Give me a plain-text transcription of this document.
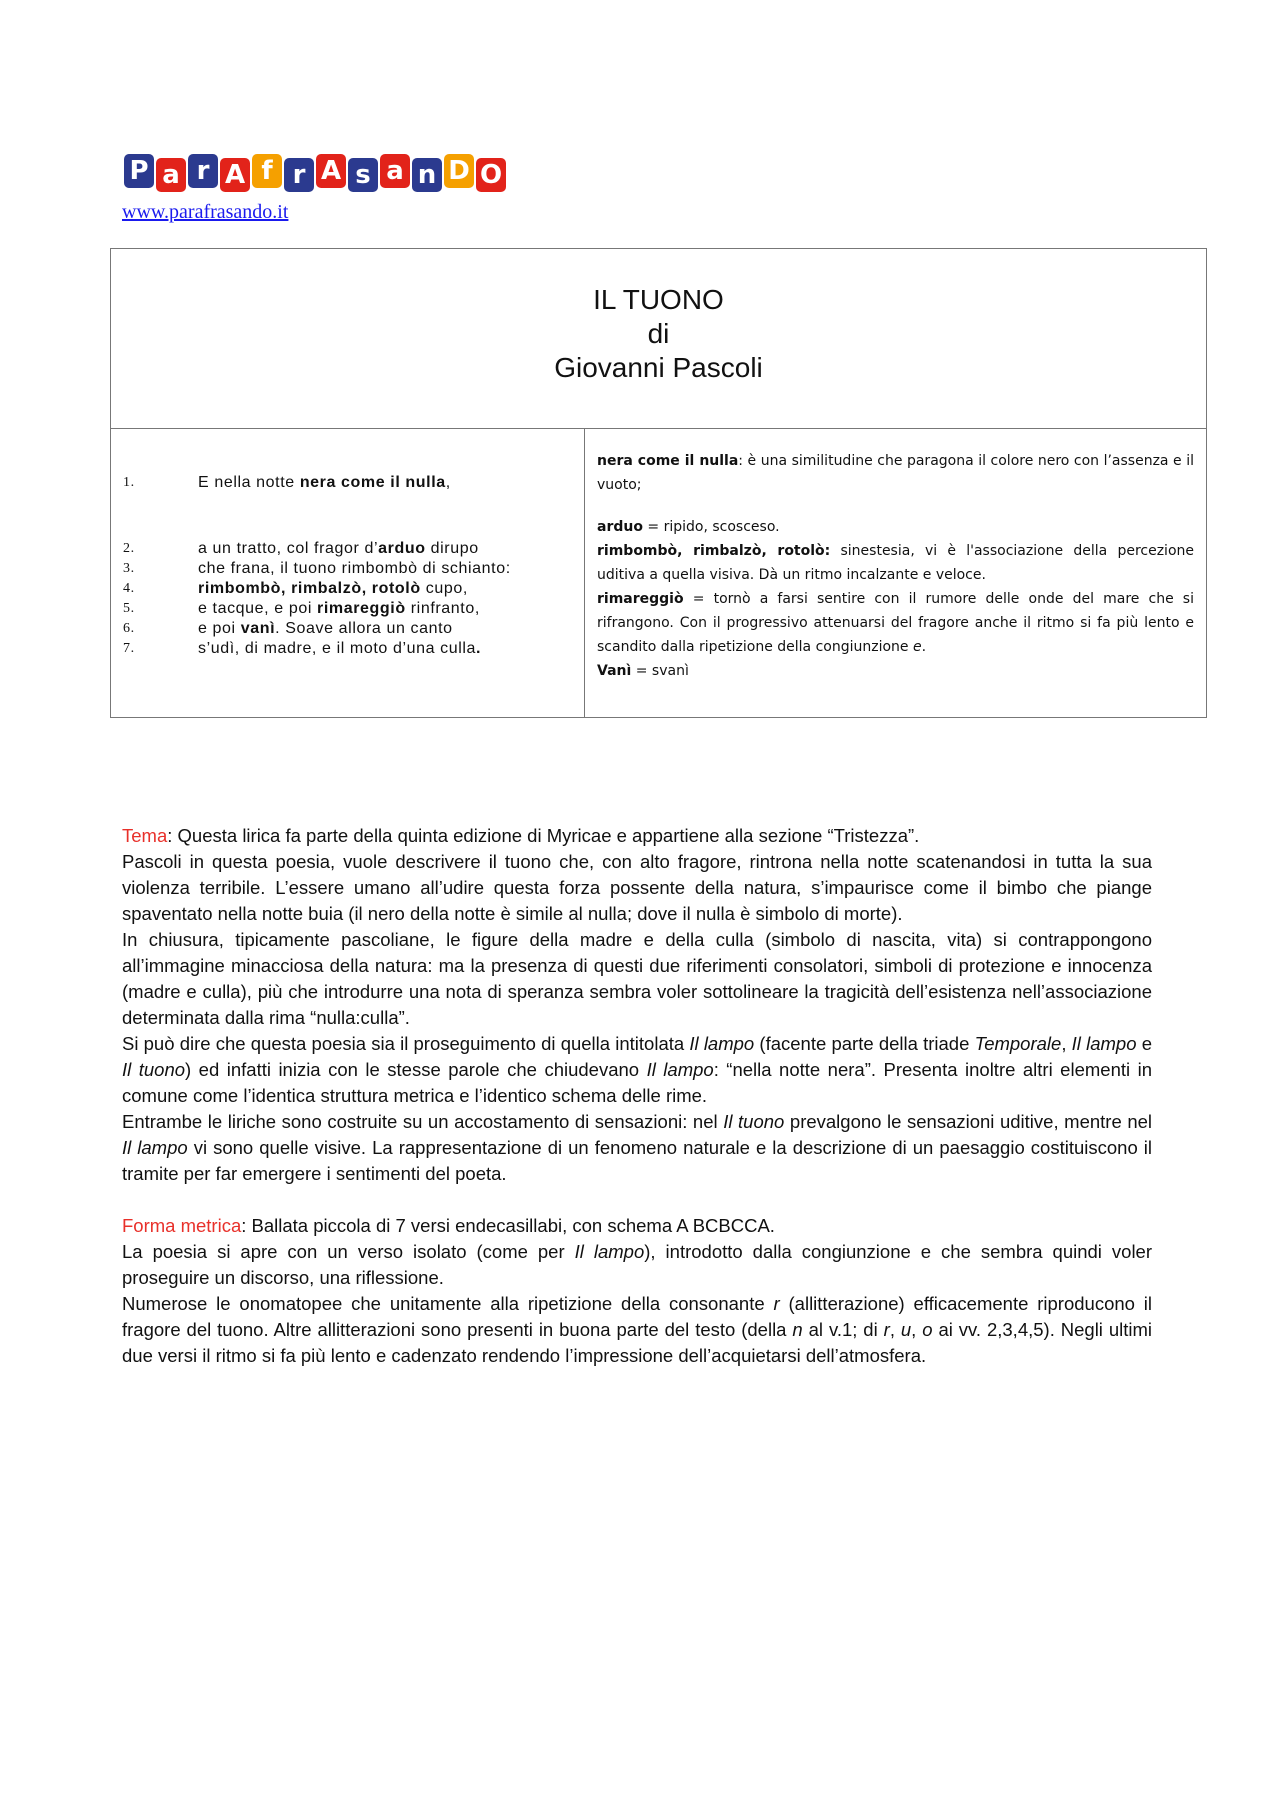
P a r A f r A s a n D O
www.parafrasando.it
IL TUONO
di
Giovanni Pascoli
1.	E nella notte nera come il nulla,
2.	a un tratto, col fragor d’arduo dirupo
3.	che frana, il tuono rimbombò di schianto:
4.	rimbombò, rimbalzò, rotolò cupo,
5.	e tacque, e poi rimareggiò rinfranto,
6.	e poi vanì. Soave allora un canto
7.	s’udì, di madre, e il moto d’una culla.

nera come il nulla: è una similitudine che paragona il colore nero con l’assenza e il vuoto;

arduo = ripido, scosceso.

rimbombò, rimbalzò, rotolò: sinestesia, vi è l'associazione della percezione uditiva a quella visiva. Dà un ritmo incalzante e veloce.

rimareggiò = tornò a farsi sentire con il rumore delle onde del mare che si rifrangono. Con il progressivo attenuarsi del fragore anche il ritmo si fa più lento e scandito dalla ripetizione della congiunzione e.

Vanì = svanì

Tema: Questa lirica fa parte della quinta edizione di Myricae e appartiene alla sezione “Tristezza”.

Pascoli in questa poesia, vuole descrivere il tuono che, con alto fragore, rintrona nella notte scatenandosi in tutta la sua violenza terribile. L’essere umano all’udire questa forza possente della natura, s’impaurisce come il bimbo che piange spaventato nella notte buia (il nero della notte è simile al nulla; dove il nulla è simbolo di morte).

In chiusura, tipicamente pascoliane, le figure della madre e della culla (simbolo di nascita, vita) si contrappongono all’immagine minacciosa della natura: ma la presenza di questi due riferimenti consolatori, simboli di protezione e innocenza (madre e culla), più che introdurre una nota di speranza sembra voler sottolineare la tragicità dell’esistenza nell’associazione determinata dalla rima “nulla:culla”.

Si può dire che questa poesia sia il proseguimento di quella intitolata Il lampo (facente parte della triade Temporale, Il lampo e Il tuono) ed infatti inizia con le stesse parole che chiudevano Il lampo: “nella notte nera”. Presenta inoltre altri elementi in comune come l’identica struttura metrica e l’identico schema delle rime.

Entrambe le liriche sono costruite su un accostamento di sensazioni: nel Il tuono prevalgono le sensazioni uditive, mentre nel Il lampo vi sono quelle visive. La rappresentazione di un fenomeno naturale e la descrizione di un paesaggio costituiscono il tramite per far emergere i sentimenti del poeta.

Forma metrica: Ballata piccola di 7 versi endecasillabi, con schema A BCBCCA.

La poesia si apre con un verso isolato (come per Il lampo), introdotto dalla congiunzione e che sembra quindi voler proseguire un discorso, una riflessione.

Numerose le onomatopee che unitamente alla ripetizione della consonante r (allitterazione) efficacemente riproducono il fragore del tuono. Altre allitterazioni sono presenti in buona parte del testo (della n al v.1; di r, u, o ai vv. 2,3,4,5). Negli ultimi due versi il ritmo si fa più lento e cadenzato rendendo l’impressione dell’acquietarsi dell’atmosfera.
